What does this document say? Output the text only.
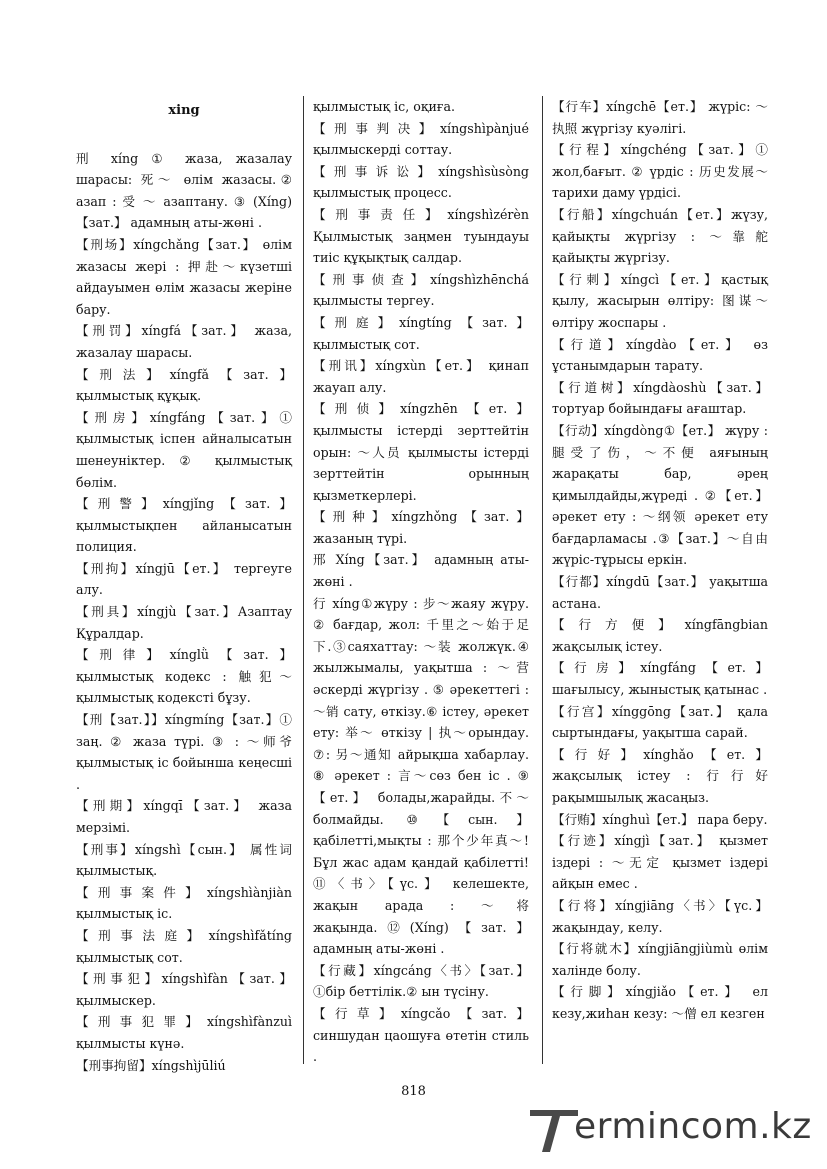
xing

刑 xíng ① жаза, жазалау шарасы: 死～ өлім жазасы.② азап : 受 ～ азаптану. ③ (Xíng)【зат.】 адамның аты-жөні .

【刑场】xíngchǎng【зат.】 өлім жазасы жері : 押赴～күзетші айдауымен өлім жазасы жеріне бару.

【刑罚】xíngfá【зат.】 жаза, жазалау шарасы.

【刑法】xíngfǎ【зат.】 қылмыстық құқық.

【刑房】xíngfáng【зат.】① қылмыстық іспен айналысатын шенеуніктер. ② қылмыстық бөлім.

【刑警】xíngjǐng【зат.】 қылмыстықпен айланысатын полиция.

【刑拘】xíngjū【ет.】 тергеуге алу.

【刑具】xíngjù【зат.】Азаптау Құралдар.

【刑律】xínglǜ【зат.】 қылмыстық кодекс : 触犯～ қылмыстық кодексті бұзу.

【刑【зат.】】xíngmíng【зат.】① заң. ② жаза түрі. ③ : ～师爷 қылмыстық іс бойынша кеңесші .

【刑期】xíngqī【зат.】 жаза мерзімі.

【刑事】xíngshì【сын.】 属性词 қылмыстық.

【刑事案件】xíngshìànjiàn қылмыстық іс.

【刑事法庭】xíngshìfǎtíng қылмыстық сот.

【刑事犯】xíngshìfàn【зат.】 қылмыскер.

【刑事犯罪】xíngshìfànzuì қылмысты күнә.

【刑事拘留】xíngshìjūliú

қылмыстық іс, оқиға.

【刑事判决】xíngshìpànjué қылмыскерді соттау.

【刑事诉讼】xíngshìsùsòng қылмыстық процесс.

【刑事责任】xíngshìzérèn Қылмыстық заңмен туындауы тиіс құқықтық салдар.

【刑事侦查】xíngshìzhēnchá қылмысты тергеу.

【刑庭】xíngtíng【зат.】 қылмыстық сот.

【刑讯】xíngxùn【ет.】 қинап жауап алу.

【刑侦】xíngzhēn【ет.】 қылмысты істерді зерттейтін орын: ～人员 қылмысты істерді зерттейтін орынның қызметкерлері.

【刑种】xíngzhǒng【зат.】 жазаның түрі.

邢 Xíng【зат.】 адамның аты-жөні .

行 xíng①жүру : 步～жаяу жүру. ② бағдар, жол: 千里之～始于足下.③саяхаттау: ～装 жолжүк.④ жылжымалы, уақытша : ～营 әскерді жүргізу . ⑤ әрекеттегі : ～销 сату, өткізу.⑥ істеу, әрекет ету: 举～ өткізу | 执～орындау. ⑦: 另～通知 айрықша хабарлау. ⑧ әрекет : 言～сөз бен іс . ⑨【ет.】 болады,жарайды.不～болмайды. ⑩【сын.】 қабілетті,мықты : 那个少年真～!Бұл жас адам қандай қабілетті!⑪〈书〉【үс.】 келешекте, жақын арада : ～将 жақында.⑫(Xíng)【зат.】 адамның аты-жөні .

【行藏】xíngcáng〈书〉【зат.】①бір беттілік.② ын түсіну.

【行草】xíngcǎo【зат.】 синшудан цаошуға өтетін стиль .

【行车】xíngchē【ет.】 жүріс: ～执照 жүргізу куәлігі.

【行程】xíngchéng【зат.】① жол,бағыт. ② үрдіс : 历史发展～тарихи даму үрдісі.

【行船】xíngchuán【ет.】жүзу, қайықты жүргізу : ～靠舵 қайықты жүргізу.

【行刺】xíngcì【ет.】қастық қылу, жасырын өлтіру: 图谋～ өлтіру жоспары .

【行道】xíngdào【ет.】 өз ұстанымдарын тарату.

【行道树】xíngdàoshù【зат.】 тортуар бойындағы ағаштар.

【行动】xíngdòng①【ет.】 жүру : 腿受了伤，～不便 аяғының жарақаты бар, әрең қимылдайды,жүреді . ②【ет.】 әрекет ету : ～纲领 әрекет ету бағдарламасы .③【зат.】～自由 жүріс-тұрысы еркін.

【行都】xíngdū【зат.】 уақытша астана.

【行方便】xíngfāngbian жақсылық істеу.

【行房】xíngfáng【ет.】 шағылысу, жыныстық қатынас .

【行宫】xínggōng【зат.】 қала сыртындағы, уақытша сарай.

【行好】xínghǎo【ет.】 жақсылық істеу : 行行好 рақымшылық жасаңыз.

【行贿】xínghuì【ет.】 пара беру.

【行迹】xíngjì【зат.】 қызмет іздері : ～无定 қызмет іздері айқын емес .

【行将】xíngjiāng〈书〉【үс.】 жақындау, келу.

【行将就木】xíngjiāngjiùmù өлім халінде болу.

【行脚】xíngjiǎo【ет.】 ел кезу,жиһан кезу: ～僧 ел кезген

818
ermincom.kz
